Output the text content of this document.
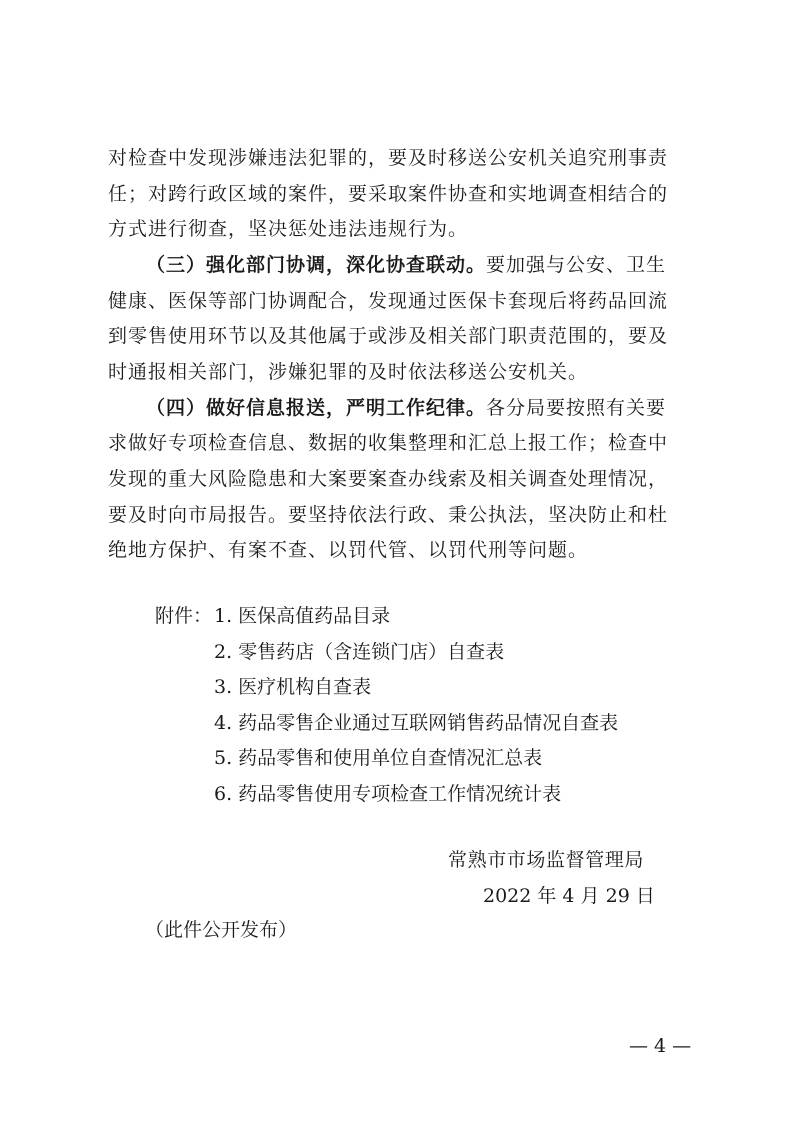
对检查中发现涉嫌违法犯罪的，要及时移送公安机关追究刑事责
任；对跨行政区域的案件，要采取案件协查和实地调查相结合的
方式进行彻查，坚决惩处违法违规行为。
（三）强化部门协调，深化协查联动。要加强与公安、卫生
健康、医保等部门协调配合，发现通过医保卡套现后将药品回流
到零售使用环节以及其他属于或涉及相关部门职责范围的，要及
时通报相关部门，涉嫌犯罪的及时依法移送公安机关。
（四）做好信息报送，严明工作纪律。各分局要按照有关要
求做好专项检查信息、数据的收集整理和汇总上报工作；检查中
发现的重大风险隐患和大案要案查办线索及相关调查处理情况，
要及时向市局报告。要坚持依法行政、秉公执法，坚决防止和杜
绝地方保护、有案不查、以罚代管、以罚代刑等问题。
附件： 1. 医保高值药品目录
2. 零售药店（含连锁门店）自查表
3. 医疗机构自查表
4. 药品零售企业通过互联网销售药品情况自查表
5. 药品零售和使用单位自查情况汇总表
6. 药品零售使用专项检查工作情况统计表
常熟市市场监督管理局
2022 年 4 月 29 日
（此件公开发布）
— 4 —
